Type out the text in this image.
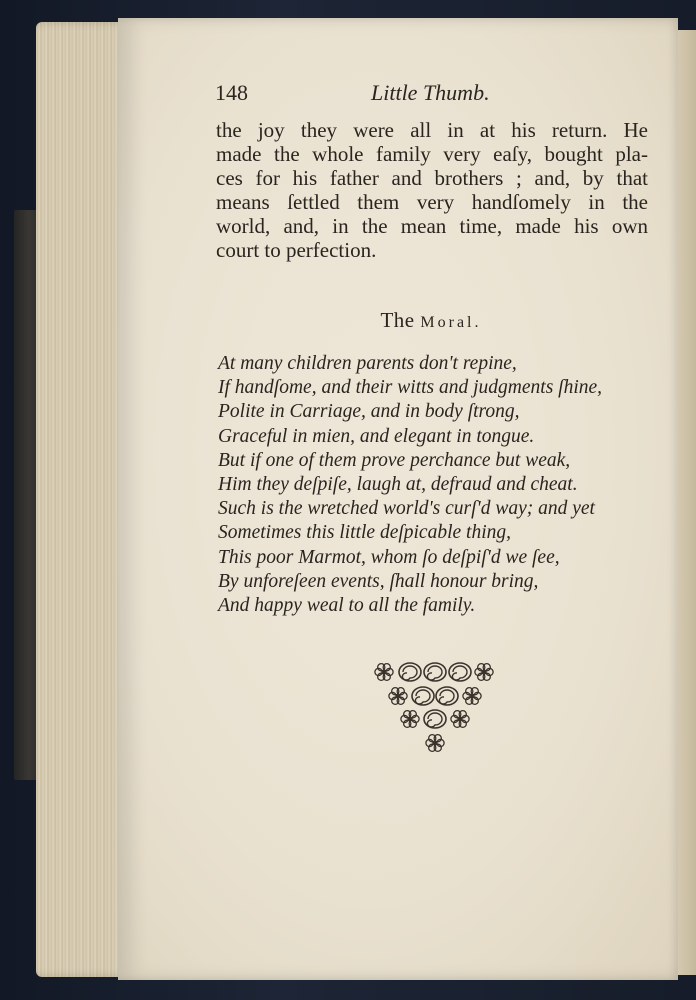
148	Little Thumb.
the joy they were all in at his return. He
made the whole family very eaſy, bought pla-
ces for his father and brothers ; and, by that
means ſettled them very handſomely in the
world, and, in the mean time, made his own
court to perfection.
The Moral.
At many children parents don't repine,
If handſome, and their witts and judgments ſhine,
Polite in Carriage, and in body ſtrong,
Graceful in mien, and elegant in tongue.
But if one of them prove perchance but weak,
Him they deſpiſe, laugh at, defraud and cheat.
Such is the wretched world's curſ'd way; and yet
Sometimes this little deſpicable thing,
This poor Marmot, whom ſo deſpiſ'd we ſee,
By unforeſeen events, ſhall honour bring,
And happy weal to all the family.
